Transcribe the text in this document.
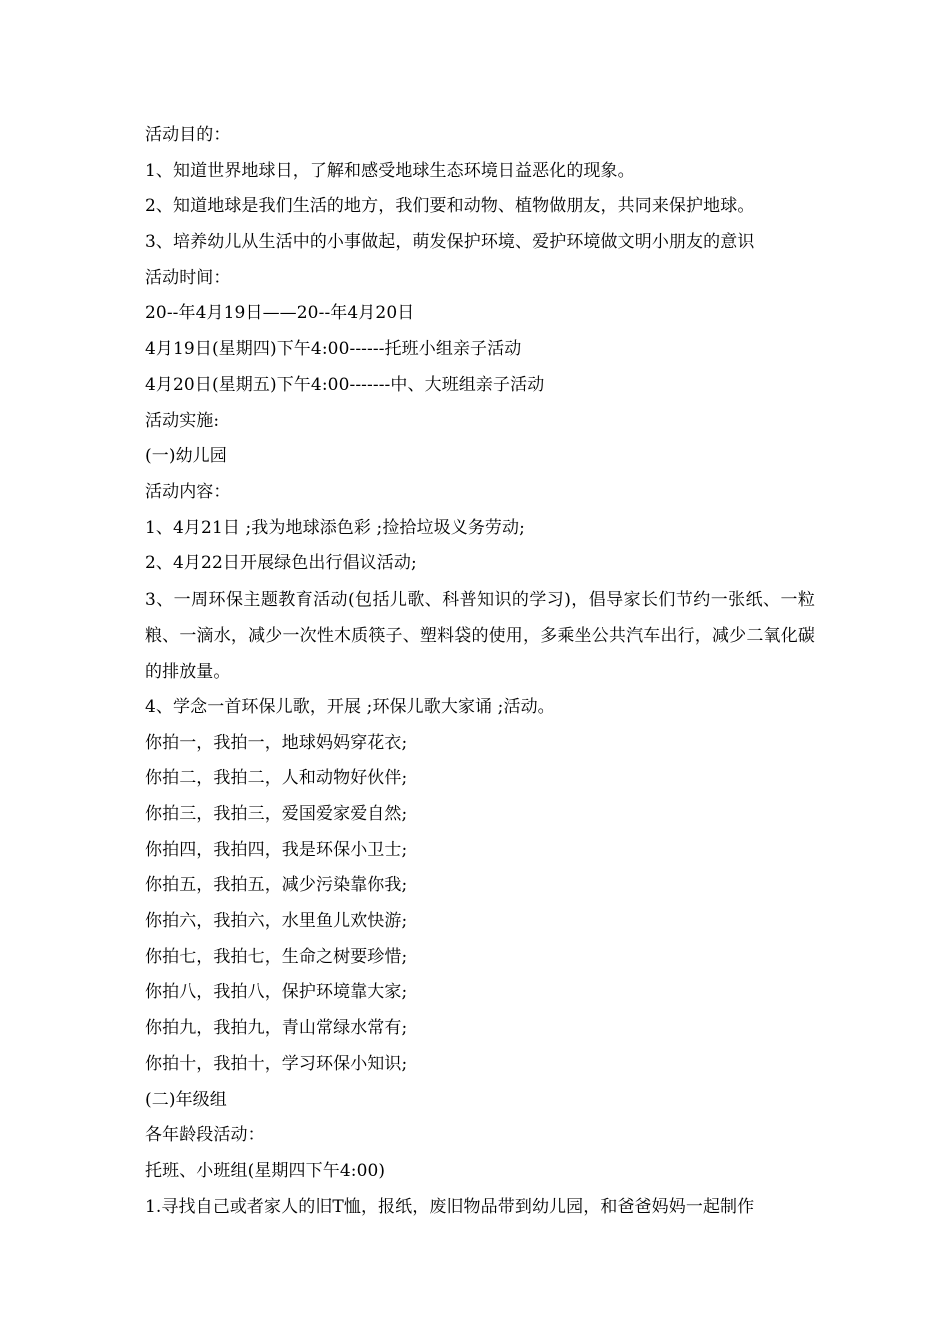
活动目的：
1、知道世界地球日，了解和感受地球生态环境日益恶化的现象。
2、知道地球是我们生活的地方，我们要和动物、植物做朋友，共同来保护地球。
3、培养幼儿从生活中的小事做起，萌发保护环境、爱护环境做文明小朋友的意识
活动时间：
20--年4月19日——20--年4月20日
4月19日(星期四)下午4:00------托班小组亲子活动
4月20日(星期五)下午4:00-------中、大班组亲子活动
活动实施:
(一)幼儿园
活动内容：
1、4月21日 ;我为地球添色彩 ;捡拾垃圾义务劳动;
2、4月22日开展绿色出行倡议活动;
3、一周环保主题教育活动(包括儿歌、科普知识的学习)，倡导家长们节约一张纸、一粒粮、一滴水，减少一次性木质筷子、塑料袋的使用，多乘坐公共汽车出行，减少二氧化碳的排放量。
4、学念一首环保儿歌，开展 ;环保儿歌大家诵 ;活动。
你拍一，我拍一，地球妈妈穿花衣;
你拍二，我拍二，人和动物好伙伴;
你拍三，我拍三，爱国爱家爱自然;
你拍四，我拍四，我是环保小卫士;
你拍五，我拍五，减少污染靠你我;
你拍六，我拍六，水里鱼儿欢快游;
你拍七，我拍七，生命之树要珍惜;
你拍八，我拍八，保护环境靠大家;
你拍九，我拍九，青山常绿水常有;
你拍十，我拍十，学习环保小知识;
(二)年级组
各年龄段活动：
托班、小班组(星期四下午4:00)
1.寻找自己或者家人的旧T恤，报纸，废旧物品带到幼儿园，和爸爸妈妈一起制作
